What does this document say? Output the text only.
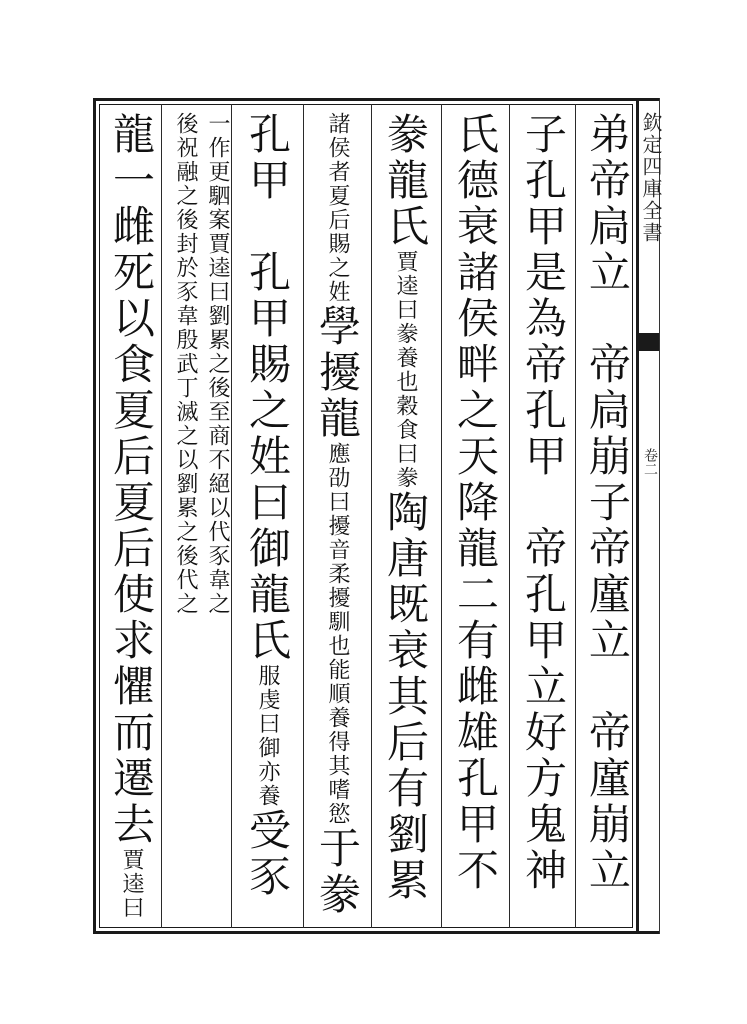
欽定四庫全書
卷二
弟帝扃立　帝扃崩子帝廑立　帝廑崩立
子孔甲是為帝孔甲　帝孔甲立好方鬼神
氏德衰諸侯畔之天降龍二有雌雄孔甲不
豢龍氏賈逵曰豢養也穀食曰豢陶唐既衰其后有劉累
諸侯者夏后賜之姓學擾龍應劭曰擾音柔擾馴也能順養得其嗜慾于豢
孔甲　孔甲賜之姓曰御龍氏服虔曰御亦養受豕
一作更駟案賈逵曰劉累之後至商不絕以代豕韋之
後祝融之後封於豕韋殷武丁滅之以劉累之後代之
龍一雌死以食夏后夏后使求懼而遷去賈逵曰
